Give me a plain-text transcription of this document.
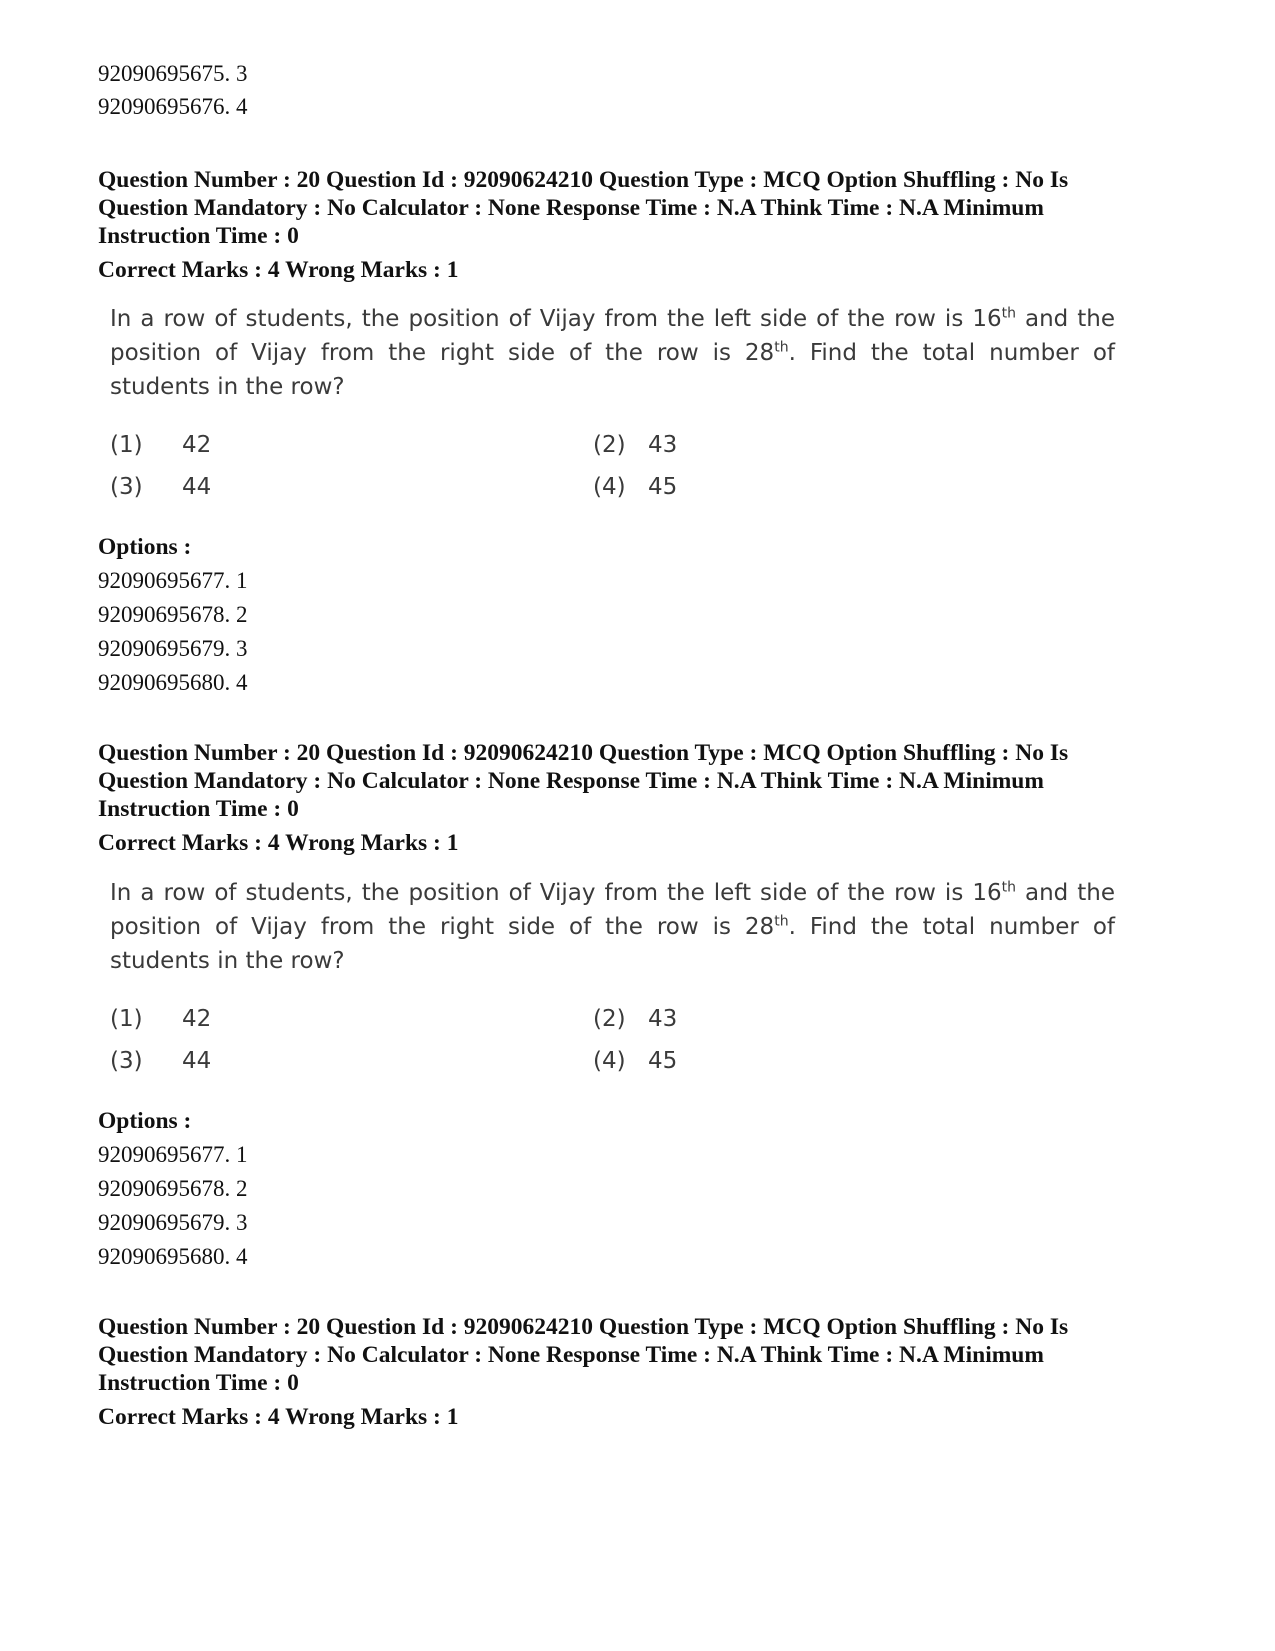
92090695675. 3

92090695676. 4

Question Number : 20 Question Id : 92090624210 Question Type : MCQ Option Shuffling : No Is

Question Mandatory : No Calculator : None Response Time : N.A Think Time : N.A Minimum

Instruction Time : 0

Correct Marks : 4 Wrong Marks : 1

In a row of students, the position of Vijay from the left side of the row is 16th and the position of Vijay from the right side of the row is 28th. Find the total number of students in the row?

(1) 42	(2) 43
(3) 44	(4) 45

Options :

92090695677. 1

92090695678. 2

92090695679. 3

92090695680. 4

Question Number : 20 Question Id : 92090624210 Question Type : MCQ Option Shuffling : No Is

Question Mandatory : No Calculator : None Response Time : N.A Think Time : N.A Minimum

Instruction Time : 0

Correct Marks : 4 Wrong Marks : 1

In a row of students, the position of Vijay from the left side of the row is 16th and the position of Vijay from the right side of the row is 28th. Find the total number of students in the row?

(1) 42	(2) 43
(3) 44	(4) 45

Options :

92090695677. 1

92090695678. 2

92090695679. 3

92090695680. 4

Question Number : 20 Question Id : 92090624210 Question Type : MCQ Option Shuffling : No Is

Question Mandatory : No Calculator : None Response Time : N.A Think Time : N.A Minimum

Instruction Time : 0

Correct Marks : 4 Wrong Marks : 1
